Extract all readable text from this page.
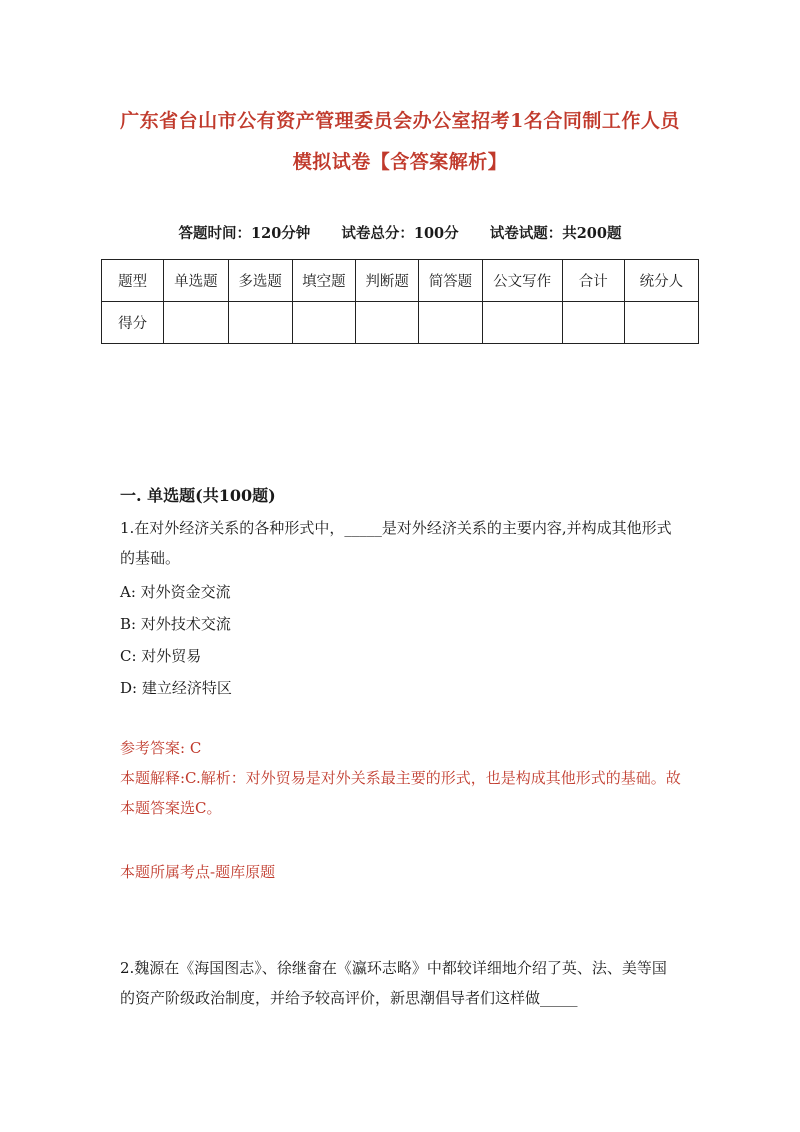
广东省台山市公有资产管理委员会办公室招考1名合同制工作人员
模拟试卷【含答案解析】
答题时间：120分钟 试卷总分：100分 试卷试题：共200题
题型	单选题	多选题	填空题	判断题	简答题	公文写作	合计	统分人
得分								
一. 单选题(共100题)
1.在对外经济关系的各种形式中，_____是对外经济关系的主要内容,并构成其他形式的基础。
A: 对外资金交流
B: 对外技术交流
C: 对外贸易
D: 建立经济特区
参考答案: C
本题解释:C.解析：对外贸易是对外关系最主要的形式，也是构成其他形式的基础。故本题答案选C。
本题所属考点-题库原题
2.魏源在《海国图志》、徐继畲在《瀛环志略》中都较详细地介绍了英、法、美等国的资产阶级政治制度，并给予较高评价，新思潮倡导者们这样做_____
